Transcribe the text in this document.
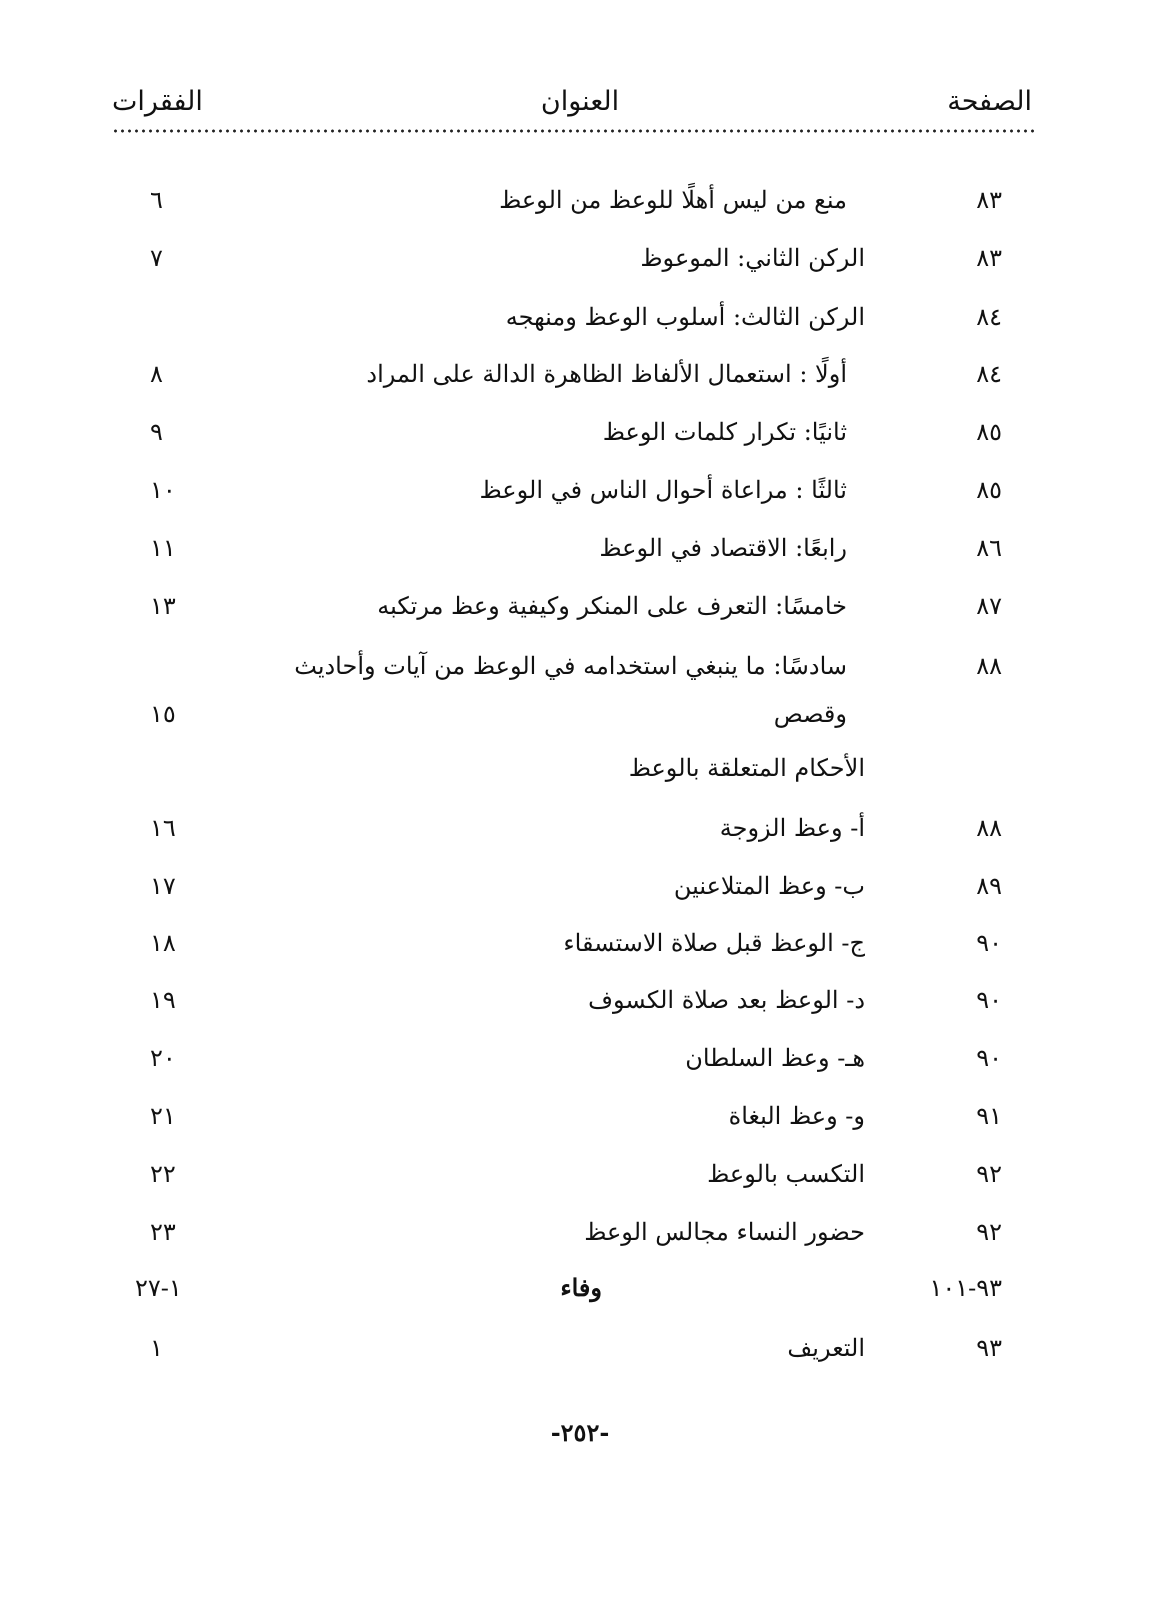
الصفحة
العنوان
الفقرات
٨٣
منع من ليس أهلًا للوعظ من الوعظ
٦
٨٣
الركن الثاني: الموعوظ
٧
٨٤
الركن الثالث: أسلوب الوعظ ومنهجه
٨٤
أولًا : استعمال الألفاظ الظاهرة الدالة على المراد
٨
٨٥
ثانيًا: تكرار كلمات الوعظ
٩
٨٥
ثالثًا : مراعاة أحوال الناس في الوعظ
١٠
٨٦
رابعًا: الاقتصاد في الوعظ
١١
٨٧
خامسًا: التعرف على المنكر وكيفية وعظ مرتكبه
١٣
٨٨
سادسًا: ما ينبغي استخدامه في الوعظ من آيات وأحاديث
وقصص
١٥
الأحكام المتعلقة بالوعظ
٨٨
أ- وعظ الزوجة
١٦
٨٩
ب- وعظ المتلاعنين
١٧
٩٠
ج- الوعظ قبل صلاة الاستسقاء
١٨
٩٠
د- الوعظ بعد صلاة الكسوف
١٩
٩٠
هـ- وعظ السلطان
٢٠
٩١
و- وعظ البغاة
٢١
٩٢
التكسب بالوعظ
٢٢
٩٢
حضور النساء مجالس الوعظ
٢٣
٩٣-١٠١
وفاء
١-٢٧
٩٣
التعريف
١
-٢٥٢-
